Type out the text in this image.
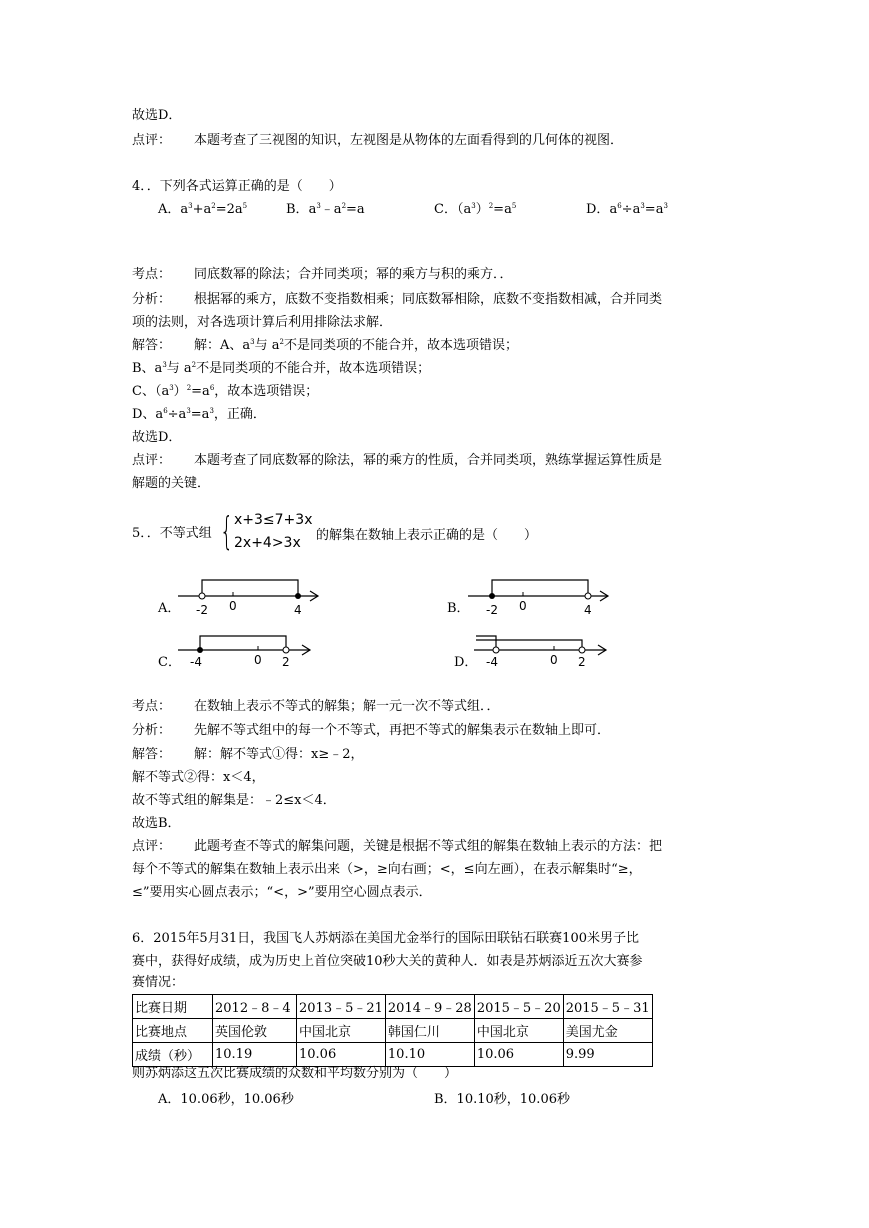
故选D．
点评： 本题考查了三视图的知识，左视图是从物体的左面看得到的几何体的视图．
4．．下列各式运算正确的是（　　）
A．$a^3+a^2=2a^5$	B．$a^3﹣a^2=a$	C．$(a^3)^2=a^5$	D．$a^6\div a^3=a^3$
考点： 同底数幂的除法；合并同类项；幂的乘方与积的乘方．．
分析： 根据幂的乘方，底数不变指数相乘；同底数幂相除，底数不变指数相减，合并同类
项的法则，对各选项计算后利用排除法求解．
解答： 解：A、$a^3$与 $a^2$不是同类项的不能合并，故本选项错误；
B、$a^3$与 $a^2$不是同类项的不能合并，故本选项错误；
C、$(a^3)^2=a^6$，故本选项错误；
D、$a^6\div a^3=a^3$，正确．
故选D．
点评： 本题考查了同底数幂的除法，幂的乘方的性质，合并同类项，熟练掌握运算性质是
解题的关键．
5．．不等式组 { x+3≤7+3x
2x+4>3x 的解集在数轴上表示正确的是（　　）
A．	B．
C．	D．
-2 0	4	-2 0	4
-4	0 2	-4	0 2
考点： 在数轴上表示不等式的解集；解一元一次不等式组．．
分析： 先解不等式组中的每一个不等式，再把不等式的解集表示在数轴上即可．
解答： 解：解不等式①得：x≥﹣2，
解不等式②得：x＜4，
故不等式组的解集是：﹣2≤x＜4．
故选B．
点评： 此题考查不等式的解集问题，关键是根据不等式组的解集在数轴上表示的方法：把
每个不等式的解集在数轴上表示出来（>，≥向右画；<，≤向左画），在表示解集时“≥，
≤”要用实心圆点表示；“<，>”要用空心圆点表示．
6．2015年5月31日，我国飞人苏炳添在美国尤金举行的国际田联钻石联赛100米男子比
赛中，获得好成绩，成为历史上首位突破10秒大关的黄种人．如表是苏炳添近五次大赛参
赛情况：
比赛日期	2012﹣8﹣4	2013﹣5﹣21	2014﹣9﹣28	2015﹣5﹣20	2015﹣5﹣31
比赛地点	英国伦敦	中国北京	韩国仁川	中国北京	美国尤金
成绩（秒）	10.19	10.06	10.10	10.06	9.99
则苏炳添这五次比赛成绩的众数和平均数分别为（　　）
A．10.06秒，10.06秒	B．10.10秒，10.06秒
